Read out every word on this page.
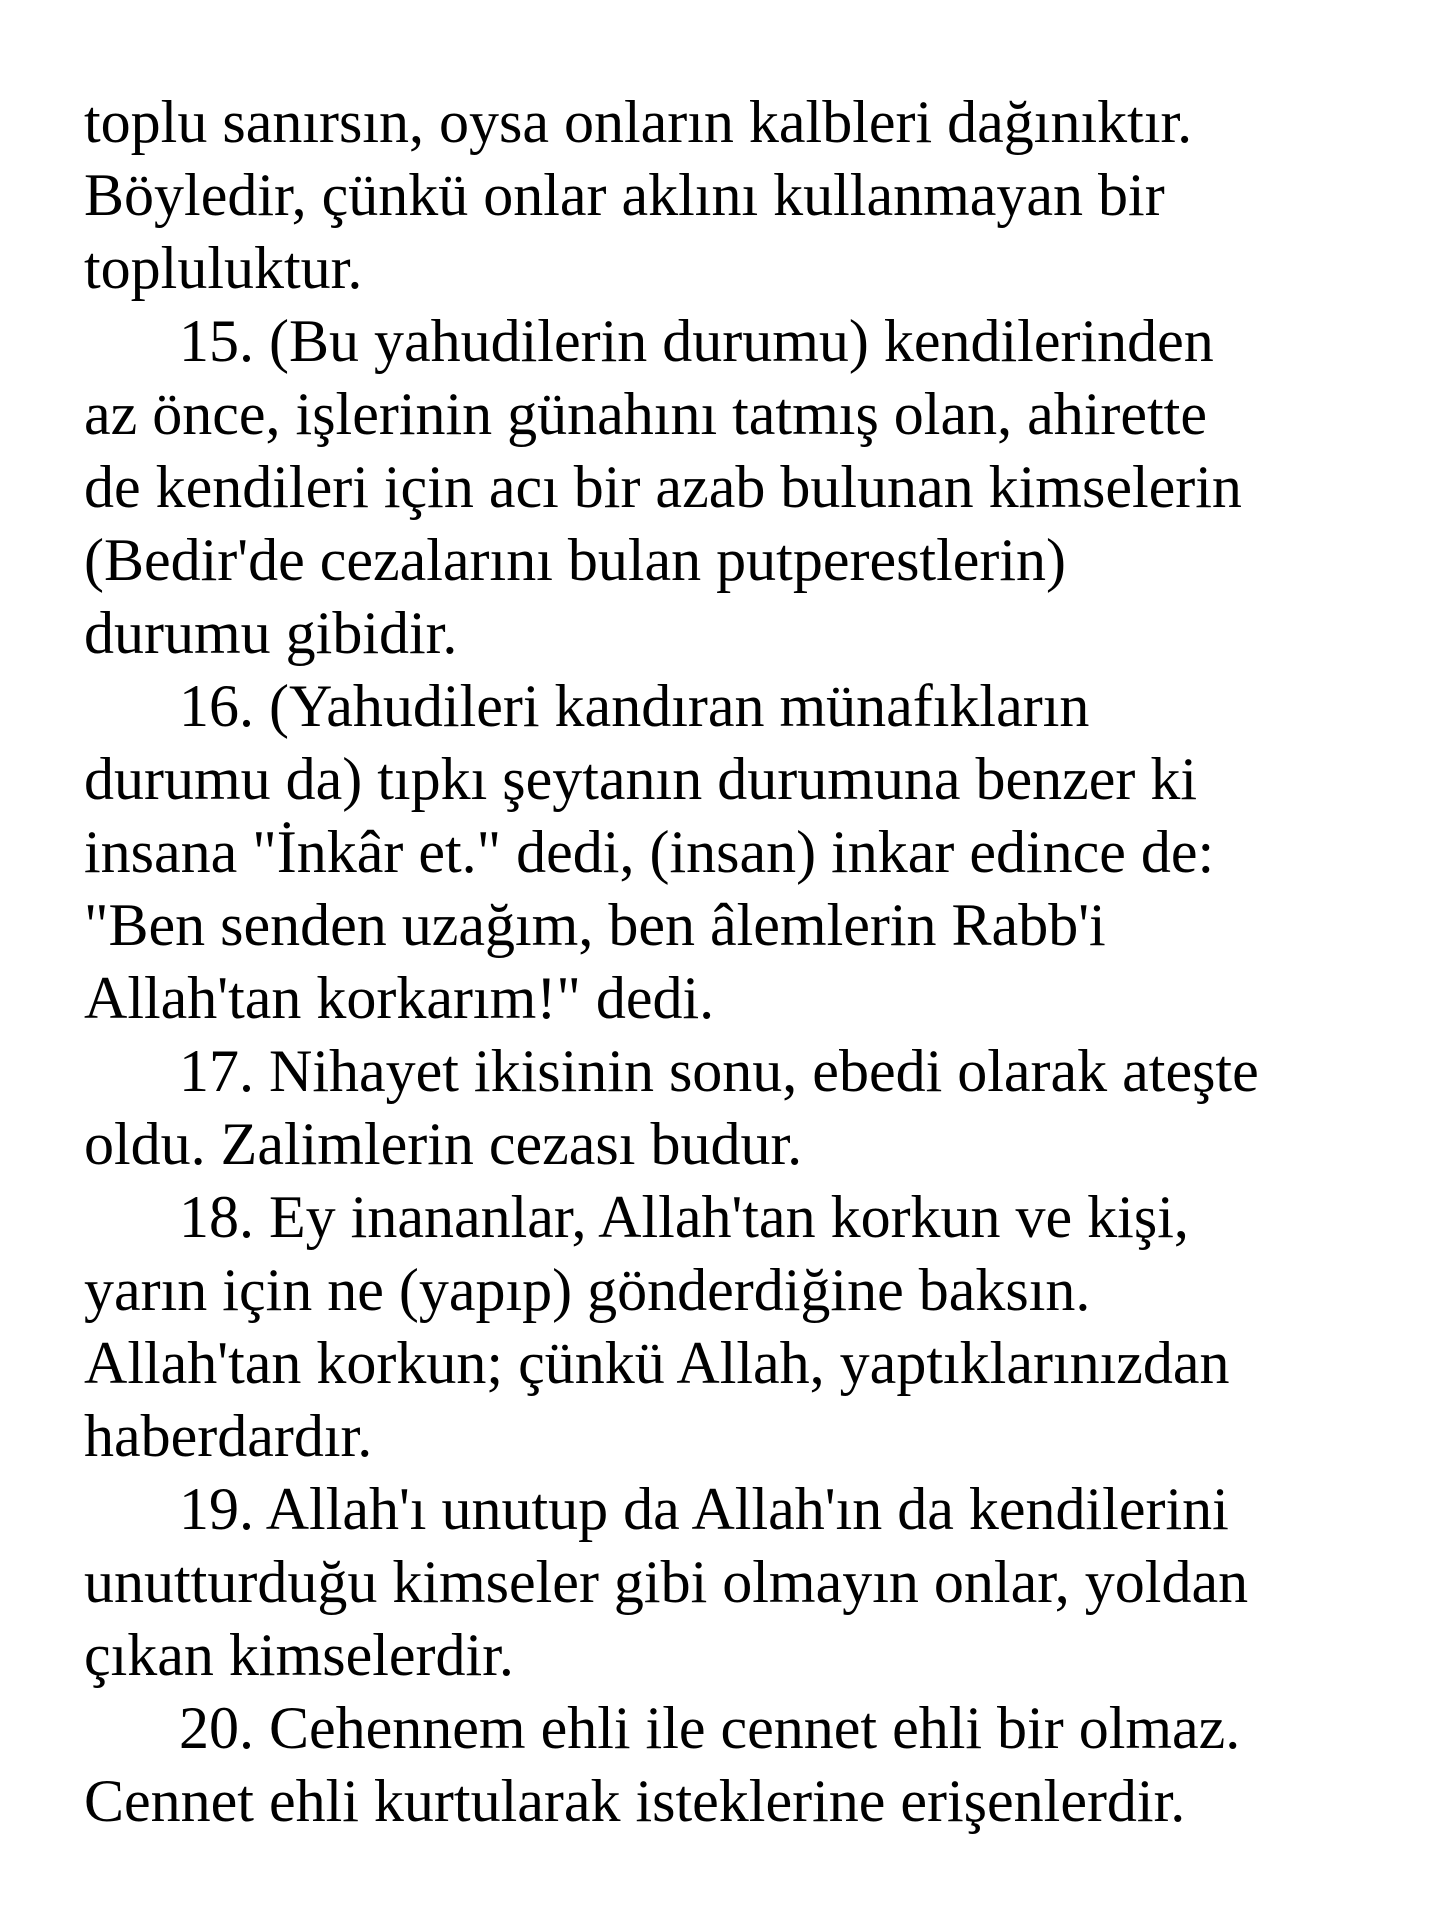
toplu sanırsın, oysa onların kalbleri dağınıktır.
Böyledir, çünkü onlar aklını kullanmayan bir
topluluktur.
15. (Bu yahudilerin durumu) kendilerinden
az önce, işlerinin günahını tatmış olan, ahirette
de kendileri için acı bir azab bulunan kimselerin
(Bedir'de cezalarını bulan putperestlerin)
durumu gibidir.
16. (Yahudileri kandıran münafıkların
durumu da) tıpkı şeytanın durumuna benzer ki
insana "İnkâr et." dedi, (insan) inkar edince de:
"Ben senden uzağım, ben âlemlerin Rabb'i
Allah'tan korkarım!" dedi.
17. Nihayet ikisinin sonu, ebedi olarak ateşte
oldu. Zalimlerin cezası budur.
18. Ey inananlar, Allah'tan korkun ve kişi,
yarın için ne (yapıp) gönderdiğine baksın.
Allah'tan korkun; çünkü Allah, yaptıklarınızdan
haberdardır.
19. Allah'ı unutup da Allah'ın da kendilerini
unutturduğu kimseler gibi olmayın onlar, yoldan
çıkan kimselerdir.
20. Cehennem ehli ile cennet ehli bir olmaz.
Cennet ehli kurtularak isteklerine erişenlerdir.
